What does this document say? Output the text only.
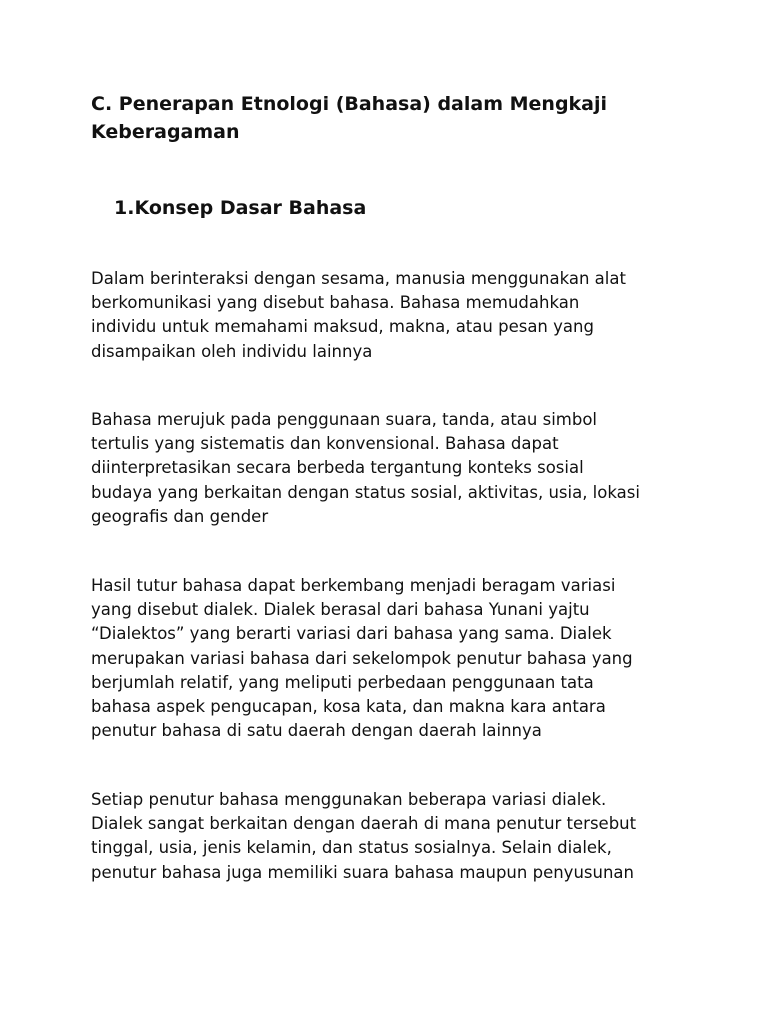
C. Penerapan Etnologi (Bahasa) dalam Mengkaji
Keberagaman
1.Konsep Dasar Bahasa

Dalam berinteraksi dengan sesama, manusia menggunakan alat
berkomunikasi yang disebut bahasa. Bahasa memudahkan
individu untuk memahami maksud, makna, atau pesan yang
disampaikan oleh individu lainnya

Bahasa merujuk pada penggunaan suara, tanda, atau simbol
tertulis yang sistematis dan konvensional. Bahasa dapat
diinterpretasikan secara berbeda tergantung konteks sosial
budaya yang berkaitan dengan status sosial, aktivitas, usia, lokasi
geografis dan gender

Hasil tutur bahasa dapat berkembang menjadi beragam variasi
yang disebut dialek. Dialek berasal dari bahasa Yunani yajtu
“Dialektos” yang berarti variasi dari bahasa yang sama. Dialek
merupakan variasi bahasa dari sekelompok penutur bahasa yang
berjumlah relatif, yang meliputi perbedaan penggunaan tata
bahasa aspek pengucapan, kosa kata, dan makna kara antara
penutur bahasa di satu daerah dengan daerah lainnya

Setiap penutur bahasa menggunakan beberapa variasi dialek.
Dialek sangat berkaitan dengan daerah di mana penutur tersebut
tinggal, usia, jenis kelamin, dan status sosialnya. Selain dialek,
penutur bahasa juga memiliki suara bahasa maupun penyusunan
